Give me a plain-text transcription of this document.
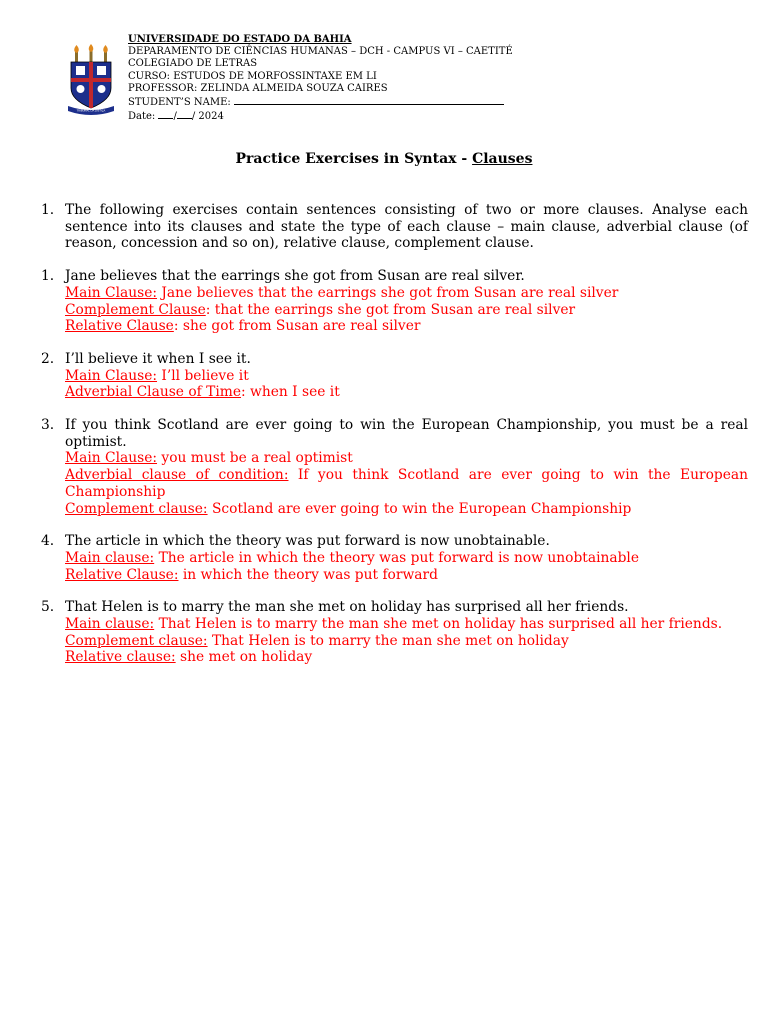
TRIBUNAL DA JUSTIÇA
UNIVERSIDADE DO ESTADO DA BAHIA
DEPARAMENTO DE CIÊNCIAS HUMANAS – DCH - CAMPUS VI – CAETITÉ
COLEGIADO DE LETRAS
CURSO: ESTUDOS DE MORFOSSINTAXE EM LI
PROFESSOR: ZELINDA ALMEIDA SOUZA CAIRES
STUDENT’S NAME:
Date: / / 2024
Practice Exercises in Syntax - Clauses
1. The following exercises contain sentences consisting of two or more clauses. Analyse each sentence into its clauses and state the type of each clause – main clause, adverbial clause (of reason, concession and so on), relative clause, complement clause.
1. Jane believes that the earrings she got from Susan are real silver.
Main Clause: Jane believes that the earrings she got from Susan are real silver
Complement Clause: that the earrings she got from Susan are real silver
Relative Clause: she got from Susan are real silver
2. I’ll believe it when I see it.
Main Clause: I’ll believe it
Adverbial Clause of Time: when I see it
3. If you think Scotland are ever going to win the European Championship, you must be a real optimist.
Main Clause: you must be a real optimist
Adverbial clause of condition: If you think Scotland are ever going to win the European Championship
Complement clause: Scotland are ever going to win the European Championship
4. The article in which the theory was put forward is now unobtainable.
Main clause: The article in which the theory was put forward is now unobtainable
Relative Clause: in which the theory was put forward
5. That Helen is to marry the man she met on holiday has surprised all her friends.
Main clause: That Helen is to marry the man she met on holiday has surprised all her friends.
Complement clause: That Helen is to marry the man she met on holiday
Relative clause: she met on holiday
